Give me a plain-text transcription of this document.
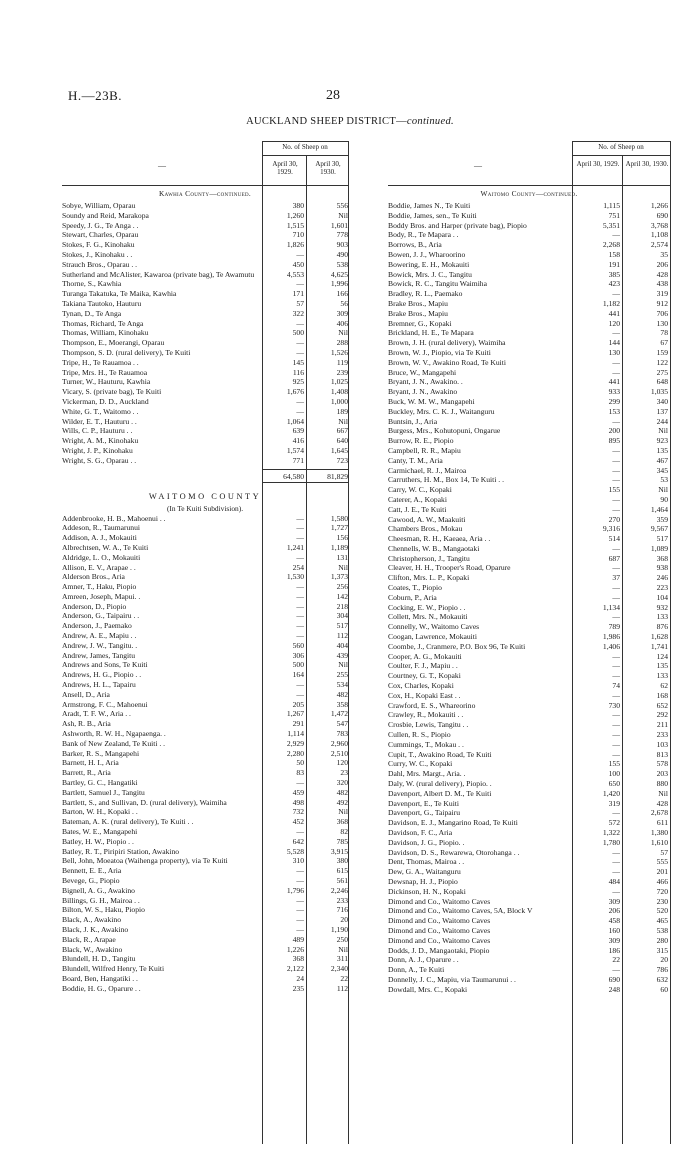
H.—23B.	28
AUCKLAND SHEEP DISTRICT—continued.
—
No. of Sheep on
April 30, 1929.
April 30, 1930.
Kawhia County—continued.
Sobye, William, Oparau	380	556
Soundy and Reid, Marakopa	1,260	Nil
Speedy, J. G., Te Anga . .	1,515	1,601
Stewart, Charles, Oparau	710	778
Stokes, F. G., Kinohaku	1,826	903
Stokes, J., Kinohaku . .	—	490
Strauch Bros., Oparau . .	450	538
Sutherland and McAlister, Kawaroa (private bag), Te Awamutu	4,553	4,625
Thorne, S., Kawhia	—	1,996
Turanga Takatuka, Te Maika, Kawhia	171	166
Takiana Tautoko, Hauturu	57	56
Tynan, D., Te Anga	322	309
Thomas, Richard, Te Anga	—	406
Thomas, William, Kinohaku	500	Nil
Thompson, E., Moerangi, Oparau	—	288
Thompson, S. D. (rural delivery), Te Kuiti	—	1,526
Tripe, H., Te Rauamoa . .	145	119
Tripe, Mrs. H., Te Rauamoa	116	239
Turner, W., Hauturu, Kawhia	925	1,025
Vicary, S. (private bag), Te Kuiti	1,676	1,408
Vickerman, D. D., Auckland	—	1,000
White, G. T., Waitomo . .	—	189
Wilder, E. T., Hauturu . .	1,064	Nil
Wills, C. P., Hauturu . .	639	667
Wright, A. M., Kinohaku	416	640
Wright, J. P., Kinohaku	1,574	1,645
Wright, S. G., Oparau . .	771	723
64,580	81,829
WAITOMO COUNTY
(In Te Kuiti Subdivision).
Addenbrooke, H. B., Mahoenui . .	—	1,580
Addeson, R., Taumarunui	—	1,727
Addison, A. J., Mokauiti	—	156
Albrechtsen, W. A., Te Kuiti	1,241	1,189
Aldridge, L. O., Mokauiti	—	131
Allison, E. V., Arapae . .	254	Nil
Alderson Bros., Aria	1,530	1,373
Amner, T., Haku, Piopio	—	256
Amreen, Joseph, Mapui. .	—	142
Anderson, D., Piopio	—	218
Anderson, G., Taipairu . .	—	304
Anderson, J., Paemako	—	517
Andrew, A. E., Mapiu . .	—	112
Andrew, J. W., Tangitu. .	560	404
Andrew, James, Tangitu	306	439
Andrews and Sons, Te Kuiti	500	Nil
Andrews, H. G., Piopio . .	164	255
Andrews, H. L., Tapairu	—	534
Ansell, D., Aria	—	482
Armstrong, F. C., Mahoenui	205	358
Aradt, T. F. W., Aria . .	1,267	1,472
Ash, R. B., Aria	291	547
Ashworth, R. W. H., Ngapaenga. .	1,114	783
Bank of New Zealand, Te Kuiti . .	2,929	2,960
Barker, R. S., Mangapehi	2,280	2,510
Barnett, H. I., Aria	50	120
Barrett, R., Aria	83	23
Bartley, G. C., Hangatiki	—	320
Bartlett, Samuel J., Tangitu	459	482
Bartlett, S., and Sullivan, D. (rural delivery), Waimiha	498	492
Barton, W. H., Kopaki . .	732	Nil
Bateman, A. K. (rural delivery), Te Kuiti . .	452	368
Bates, W. E., Mangapehi	—	82
Batley, H. W., Piopio . .	642	785
Batley, R. T., Piripiri Station, Awakino	5,528	3,915
Bell, John, Moeatoa (Waihenga property), via Te Kuiti	310	380
Bennett, E. E., Aria	—	615
Bevege, G., Piopio	—	561
Bignell, A. G., Awakino	1,796	2,246
Billings, G. H., Mairoa . .	—	233
Bilton, W. S., Haku, Piopio	—	716
Black, A., Awakino	—	20
Black, J. K., Awakino	—	1,190
Black, R., Arapae	489	250
Black, W., Awakino	1,226	Nil
Blundell, H. D., Tangitu	368	311
Blundell, Wilfred Henry, Te Kuiti	2,122	2,340
Board, Ben, Hangatiki . .	24	22
Boddie, H. G., Oparure . .	235	112
—
No. of Sheep on
April 30, 1929. April 30, 1930.
Waitomo County—continued.
Boddie, James N., Te Kuiti	1,115	1,266
Boddie, James, sen., Te Kuiti	751	690
Boddy Bros. and Harper (private bag), Piopio	5,351	3,768
Body, R., Te Mapara . .	—	1,108
Borrows, B., Aria	2,268	2,574
Bowen, J. J., Wharoorino	158	35
Bowering, E. H., Mokauiti	191	206
Bowick, Mrs. J. C., Tangitu	385	428
Bowick, R. C., Tangitu Waimiha	423	438
Bradley, R. L., Paemako	—	319
Brake Bros., Mapiu	1,182	912
Brake Bros., Mapiu	441	706
Bremner, G., Kopaki	120	130
Brickland, H. E., Te Mapara	—	78
Brown, J. H. (rural delivery), Waimiha	144	67
Brown, W. J., Piopio, via Te Kuiti	130	159
Brown, W. V., Awakino Road, Te Kuiti	—	122
Bruce, W., Mangapehi	—	275
Bryant, J. N., Awakino. .	441	648
Bryant, J. N., Awakino	933	1,035
Buck, W. M. W., Mangapehi	299	340
Buckley, Mrs. C. K. J., Waitanguru	153	137
Buntsin, J., Aria	—	244
Burgess, Mrs., Kohutopuni, Ongarue	200	Nil
Burrow, R. E., Piopio	895	923
Campbell, R. R., Mapiu	—	135
Canty, T. M., Aria	—	467
Carmichael, R. J., Mairoa	—	345
Carruthers, H. M., Box 14, Te Kuiti . .	—	53
Carry, W. C., Kopaki	155	Nil
Caterer, A., Kopaki	—	90
Catt, J. E., Te Kuiti	—	1,464
Cawood, A. W., Maakuiti	270	359
Chambers Bros., Mokau	9,316	9,567
Cheesman, R. H., Kaeaea, Aria . .	514	517
Chennells, W. B., Mangaotaki	—	1,089
Christopherson, J., Tangitu	687	368
Cleaver, H. H., Trooper's Road, Oparure	—	938
Clifton, Mrs. L. P., Kopaki	37	246
Coates, T., Piopio	—	223
Coburn, P., Aria	—	104
Cocking, E. W., Piopio . .	1,134	932
Collett, Mrs. N., Mokauiti	—	133
Connelly, W., Waitomo Caves	789	876
Coogan, Lawrence, Mokauiti	1,986	1,628
Coombe, J., Cranmere, P.O. Box 96, Te Kuiti	1,406	1,741
Cooper, A. G., Mokauiti	—	124
Coulter, F. J., Mapiu . .	—	135
Courtney, G. T., Kopaki	—	133
Cox, Charles, Kopaki	74	62
Cox, H., Kopaki East . .	—	168
Crawford, E. S., Whareorino	730	652
Crawley, R., Mokauiti . .	—	292
Crosbie, Lewis, Tangitu . .	—	211
Cullen, R. S., Piopio	—	233
Cummings, T., Mokau . .	—	103
Cupit, T., Awakino Road, Te Kuiti	—	813
Curry, W. C., Kopaki	155	578
Dahl, Mrs. Margt., Aria. .	100	203
Daly, W. (rural delivery), Piopio. .	650	880
Davenport, Albert D. M., Te Kuiti	1,420	Nil
Davenport, E., Te Kuiti	319	428
Davenport, G., Taipairu	—	2,678
Davidson, E. J., Mangarino Road, Te Kuiti	572	611
Davidson, F. C., Aria	1,322	1,380
Davidson, J. G., Piopio. .	1,780	1,610
Davidson, D. S., Rewarewa, Otorohanga . .	—	57
Dent, Thomas, Mairoa . .	—	555
Dew, G. A., Waitanguru	—	201
Dewsnap, H. J., Piopio	484	466
Dickinson, H. N., Kopaki	—	720
Dimond and Co., Waitomo Caves	309	230
Dimond and Co., Waitomo Caves, 5A, Block V	206	520
Dimond and Co., Waitomo Caves	458	465
Dimond and Co., Waitomo Caves	160	538
Dimond and Co., Waitomo Caves	309	280
Dodds, J. D., Mangaotaki, Piopio	186	315
Donn, A. J., Oparure . .	22	20
Donn, A., Te Kuiti	—	786
Donnelly, J. C., Mapiu, via Taumarunui . .	690	632
Dowdall, Mrs. C., Kopaki	248	60
